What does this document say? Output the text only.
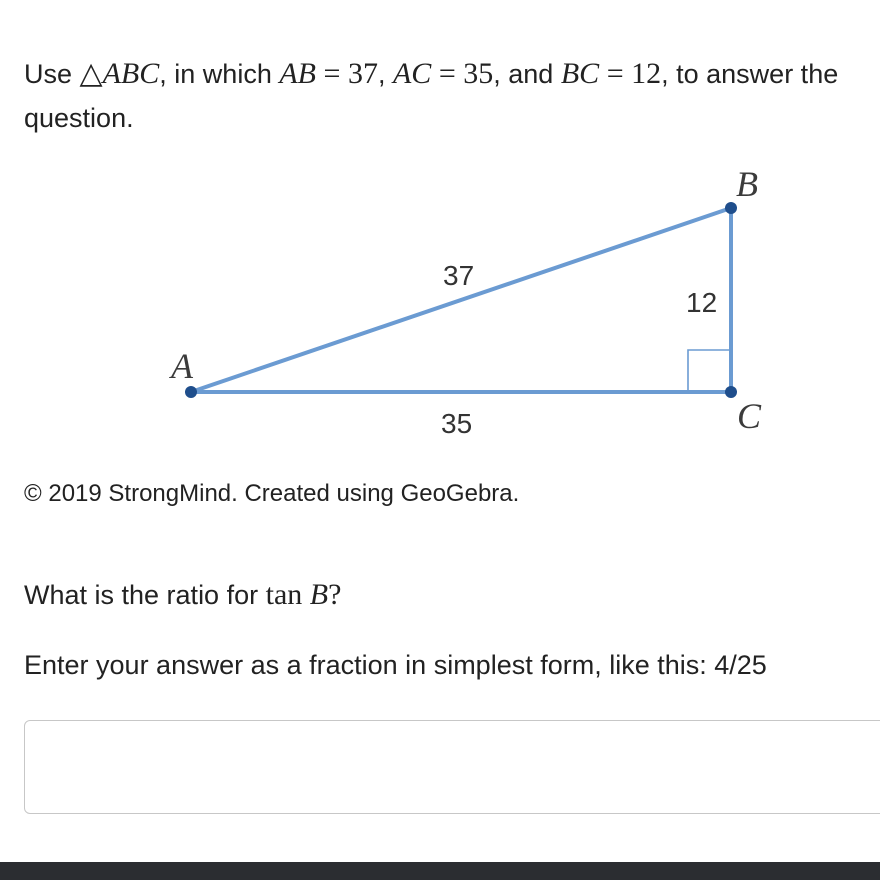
Use △ABC, in which AB = 37, AC = 35, and BC = 12, to answer the question.
A
B
C
37
35
12
© 2019 StrongMind. Created using GeoGebra.
What is the ratio for tan B?
Enter your answer as a fraction in simplest form, like this: 4/25
